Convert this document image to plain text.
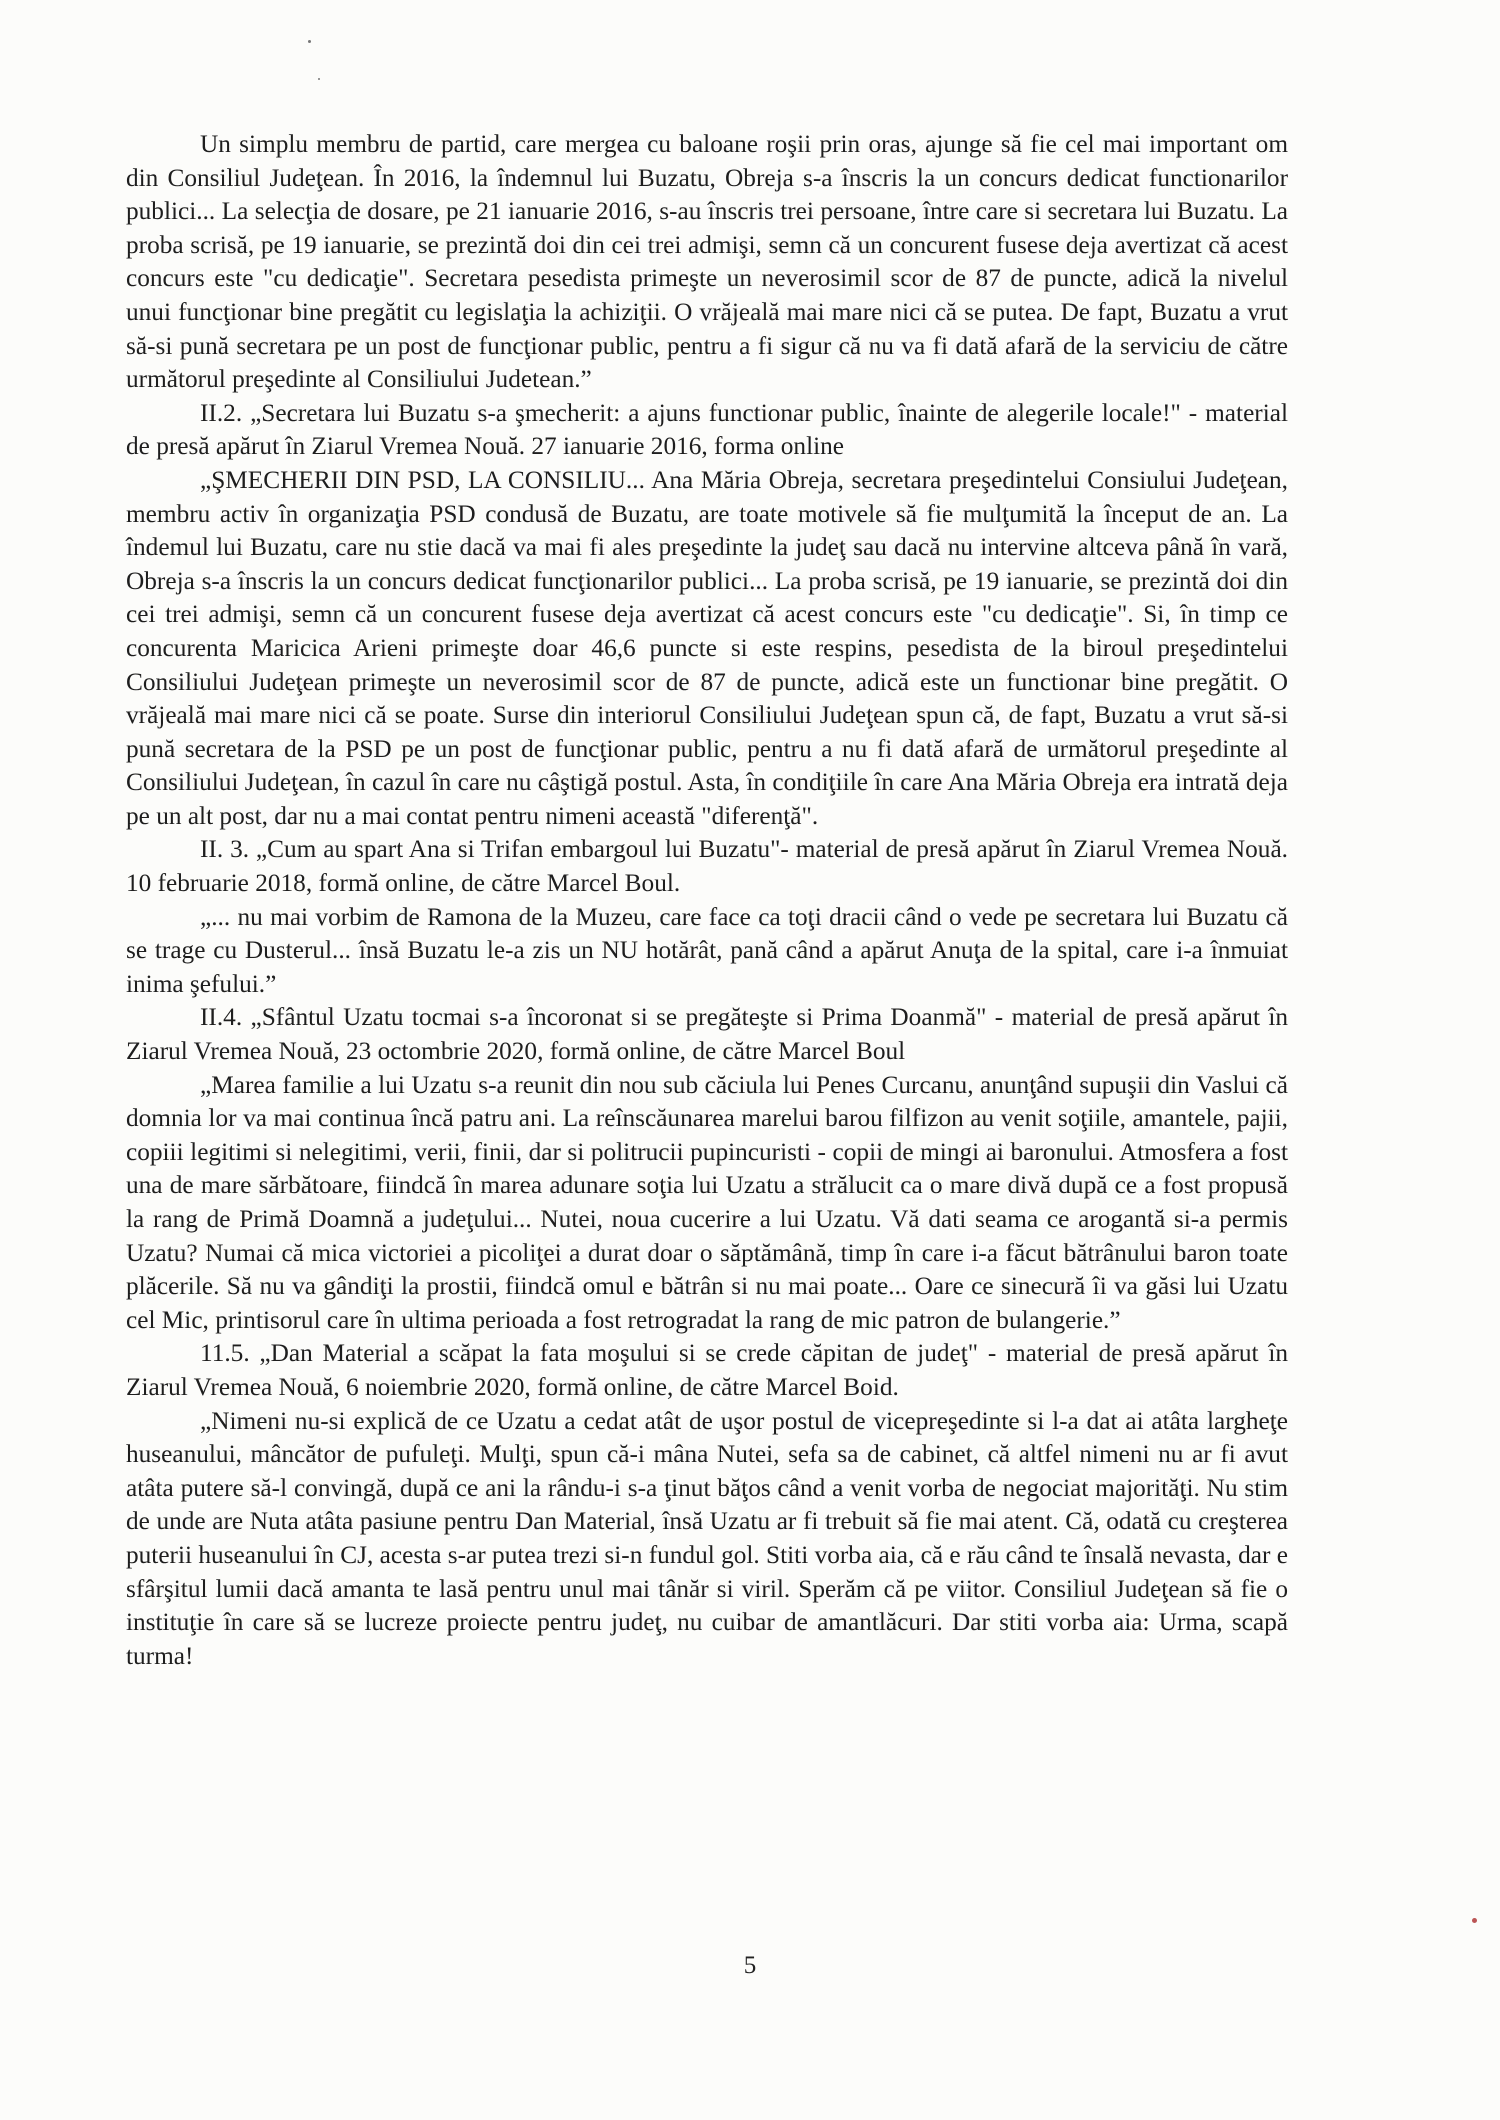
Un simplu membru de partid, care mergea cu baloane roşii prin oras, ajunge să fie cel mai important om din Consiliul Judeţean. În 2016, la îndemnul lui Buzatu, Obreja s-a înscris la un concurs dedicat functionarilor publici... La selecţia de dosare, pe 21 ianuarie 2016, s-au înscris trei persoane, între care si secretara lui Buzatu. La proba scrisă, pe 19 ianuarie, se prezintă doi din cei trei admişi, semn că un concurent fusese deja avertizat că acest concurs este "cu dedicaţie". Secretara pesedista primeşte un neverosimil scor de 87 de puncte, adică la nivelul unui funcţionar bine pregătit cu legislaţia la achiziţii. O vrăjeală mai mare nici că se putea. De fapt, Buzatu a vrut să-si pună secretara pe un post de funcţionar public, pentru a fi sigur că nu va fi dată afară de la serviciu de către următorul preşedinte al Consiliului Judetean.”

II.2. „Secretara lui Buzatu s-a şmecherit: a ajuns functionar public, înainte de alegerile locale!" - material de presă apărut în Ziarul Vremea Nouă. 27 ianuarie 2016, forma online

„ŞMECHERII DIN PSD, LA CONSILIU... Ana Măria Obreja, secretara preşedintelui Consiului Judeţean, membru activ în organizaţia PSD condusă de Buzatu, are toate motivele să fie mulţumită la început de an. La îndemul lui Buzatu, care nu stie dacă va mai fi ales preşedinte la judeţ sau dacă nu intervine altceva până în vară, Obreja s-a înscris la un concurs dedicat funcţionarilor publici... La proba scrisă, pe 19 ianuarie, se prezintă doi din cei trei admişi, semn că un concurent fusese deja avertizat că acest concurs este "cu dedicaţie". Si, în timp ce concurenta Maricica Arieni primeşte doar 46,6 puncte si este respins, pesedista de la biroul preşedintelui Consiliului Judeţean primeşte un neverosimil scor de 87 de puncte, adică este un functionar bine pregătit. O vrăjeală mai mare nici că se poate. Surse din interiorul Consiliului Judeţean spun că, de fapt, Buzatu a vrut să-si pună secretara de la PSD pe un post de funcţionar public, pentru a nu fi dată afară de următorul preşedinte al Consiliului Judeţean, în cazul în care nu câştigă postul. Asta, în condiţiile în care Ana Măria Obreja era intrată deja pe un alt post, dar nu a mai contat pentru nimeni această "diferenţă".

II. 3. „Cum au spart Ana si Trifan embargoul lui Buzatu"- material de presă apărut în Ziarul Vremea Nouă. 10 februarie 2018, formă online, de către Marcel Boul.

„... nu mai vorbim de Ramona de la Muzeu, care face ca toţi dracii când o vede pe secretara lui Buzatu că se trage cu Dusterul... însă Buzatu le-a zis un NU hotărât, pană când a apărut Anuţa de la spital, care i-a înmuiat inima şefului.”

II.4. „Sfântul Uzatu tocmai s-a încoronat si se pregăteşte si Prima Doanmă" - material de presă apărut în Ziarul Vremea Nouă, 23 octombrie 2020, formă online, de către Marcel Boul

„Marea familie a lui Uzatu s-a reunit din nou sub căciula lui Penes Curcanu, anunţând supuşii din Vaslui că domnia lor va mai continua încă patru ani. La reînscăunarea marelui barou filfizon au venit soţiile, amantele, pajii, copiii legitimi si nelegitimi, verii, finii, dar si politrucii pupincuristi - copii de mingi ai baronului. Atmosfera a fost una de mare sărbătoare, fiindcă în marea adunare soţia lui Uzatu a strălucit ca o mare divă după ce a fost propusă la rang de Primă Doamnă a judeţului... Nutei, noua cucerire a lui Uzatu. Vă dati seama ce arogantă si-a permis Uzatu? Numai că mica victoriei a picoliţei a durat doar o săptămână, timp în care i-a făcut bătrânului baron toate plăcerile. Să nu va gândiţi la prostii, fiindcă omul e bătrân si nu mai poate... Oare ce sinecură îi va găsi lui Uzatu cel Mic, printisorul care în ultima perioada a fost retrogradat la rang de mic patron de bulangerie.”

11.5. „Dan Material a scăpat la fata moşului si se crede căpitan de judeţ" - material de presă apărut în Ziarul Vremea Nouă, 6 noiembrie 2020, formă online, de către Marcel Boid.

„Nimeni nu-si explică de ce Uzatu a cedat atât de uşor postul de vicepreşedinte si l-a dat ai atâta largheţe huseanului, mâncător de pufuleţi. Mulţi, spun că-i mâna Nutei, sefa sa de cabinet, că altfel nimeni nu ar fi avut atâta putere să-l convingă, după ce ani la rându-i s-a ţinut băţos când a venit vorba de negociat majorităţi. Nu stim de unde are Nuta atâta pasiune pentru Dan Material, însă Uzatu ar fi trebuit să fie mai atent. Că, odată cu creşterea puterii huseanului în CJ, acesta s-ar putea trezi si-n fundul gol. Stiti vorba aia, că e rău când te însală nevasta, dar e sfârşitul lumii dacă amanta te lasă pentru unul mai tânăr si viril. Sperăm că pe viitor. Consiliul Judeţean să fie o instituţie în care să se lucreze proiecte pentru judeţ, nu cuibar de amantlăcuri. Dar stiti vorba aia: Urma, scapă turma!

5
